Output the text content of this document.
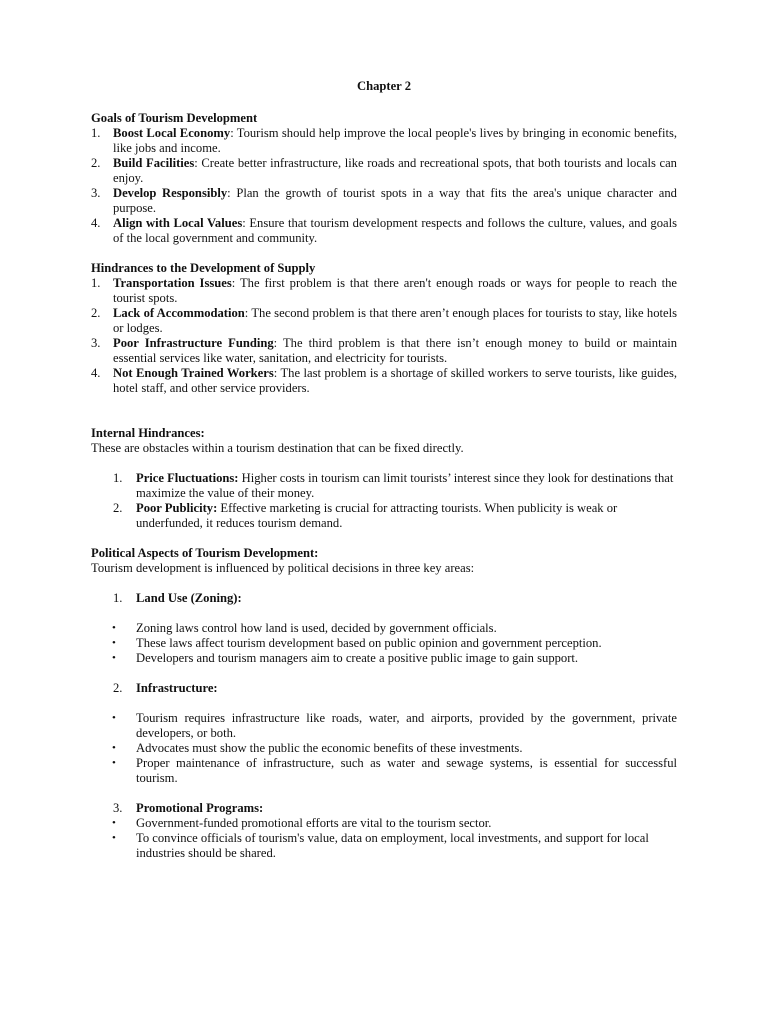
Chapter 2
Goals of Tourism Development
1. Boost Local Economy: Tourism should help improve the local people's lives by bringing in economic benefits, like jobs and income.
2. Build Facilities: Create better infrastructure, like roads and recreational spots, that both tourists and locals can enjoy.
3. Develop Responsibly: Plan the growth of tourist spots in a way that fits the area's unique character and purpose.
4. Align with Local Values: Ensure that tourism development respects and follows the culture, values, and goals of the local government and community.
Hindrances to the Development of Supply
1. Transportation Issues: The first problem is that there aren't enough roads or ways for people to reach the tourist spots.
2. Lack of Accommodation: The second problem is that there aren’t enough places for tourists to stay, like hotels or lodges.
3. Poor Infrastructure Funding: The third problem is that there isn’t enough money to build or maintain essential services like water, sanitation, and electricity for tourists.
4. Not Enough Trained Workers: The last problem is a shortage of skilled workers to serve tourists, like guides, hotel staff, and other service providers.
Internal Hindrances:
These are obstacles within a tourism destination that can be fixed directly.
1. Price Fluctuations: Higher costs in tourism can limit tourists’ interest since they look for destinations that maximize the value of their money.
2. Poor Publicity: Effective marketing is crucial for attracting tourists. When publicity is weak or underfunded, it reduces tourism demand.
Political Aspects of Tourism Development:
Tourism development is influenced by political decisions in three key areas:
1. Land Use (Zoning):
• Zoning laws control how land is used, decided by government officials.
• These laws affect tourism development based on public opinion and government perception.
• Developers and tourism managers aim to create a positive public image to gain support.
2. Infrastructure:
• Tourism requires infrastructure like roads, water, and airports, provided by the government, private developers, or both.
• Advocates must show the public the economic benefits of these investments.
• Proper maintenance of infrastructure, such as water and sewage systems, is essential for successful tourism.
3. Promotional Programs:
• Government-funded promotional efforts are vital to the tourism sector.
• To convince officials of tourism's value, data on employment, local investments, and support for local industries should be shared.
